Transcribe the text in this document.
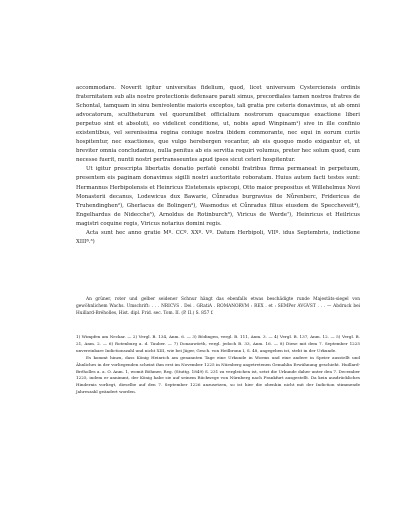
accommodare. Noverit igitur universitas fidelium, quod, licet universum Cysterciensis ordinis fraternitatem sub alis nostre protectionis defensare parati simus, precordiales tamen nostros fratres de Schontal, tamquam in sinu benivolentie maioris exceptos, tali gratia pre ceteris donavimus, ut ab omni advocatorum, scultheturum vel quorumlibet officialium nostrorum quacumque exactione liberi perpetuo sint et absoluti, eo videlicet conditione, ut, nobis apud Winpinam¹) sive in ille confinio existentibus, vel serenissima regina coniuge nostra ibidem commorante, nec equi in eorum curiis hospitentur, nec exactiones, que vulgo herebergen vocantur, ab eis quoquo modo exigantur et, ut breviter omnia concludamus, nulla penitus ab eis servitia requiri volumus, preter hec solum quod, cum necesse fuerit, nuntii nostri pertransseuntes apud ipsos sicut ceteri hospitentur.

Ut igitur prescripta libertatis donatio perfatè cenobii fratribus firma permaneat in perpetuum, presentem eis paginam donavimus sigilli nostri auctoritate roboratam. Huius autem facti testes sunt: Hermannus Herbipolensis et Heinricus Eistetensis episcopi, Otto maior prepositus et Willehelmus Novi Monasterii decanus, Lodewicus dux Bawarie, Cůnradus burgravius de Nůrenberc, Fridericus de Truhendinghen²), Gherlacus de Bolingen³), Wasmodus et Cůnradus filius eiusdem de Speccheveit⁴), Engelhardus de Nidecche⁵), Arnoldus de Rotinburch⁶), Viricus de Werde⁷), Heinricus et Heilricus magistri coquine regis, Viricus notarius domini regis.

Acta sunt hec anno gratie Mº. CCº. XXº. Vº. Datum Herbipoli, VIIº. idus Septembris, indictione XIIIª.³)

An grüner, roter und gelber seidener Schnur hängt das ebenfalls etwas beschädigte runde Majestäts-siegel von gewöhnlichem Wachs. Umschrift: . . . NRICVS . Dei . GRatiA . ROMANORVM : REX . et : SEMPer AVGVST . . . — Abdruck bei Huillard-Bréholles, Hist. dipl. Frid. sec. Tom. II. (P. II.) S. 857 f.

1) Wimpfen am Neckar. — 2) Vergl. B. 134, Anm. 6. — 3) Bödingen, vergl. B. 111, Anm. 3. — 4) Vergl. B. 137, Anm. 12. — 5) Vergl. B. 21, Anm. 2. — 6) Rotenburg a. d. Tauber. — 7) Donauwörth, vergl. jedoch B. 33, Anm. 16. — 8) Diese mit dem 7. September 1225 unvereinbare Indictionszahl und nicht XIII, wie bei Jäger, Gesch. von Heilbronn I, S. 48, angegeben ist, steht in der Urkunde.

Es kommt hinzu, dass König Heinrich am genannten Tage eine Urkunde in Worms und eine andere in Speier ausstellt und Ähnliches in der vorliegenden scheint ihm erst im November 1225 in Nürnberg angetretenen Gemahlin Erwähnung geschieht. Huillard-Bréholles a. a. O. Anm. 1, womit Böhmer, Reg. (Stuttg. 1849) S. 231 zu vergleichen ist, setzt die Urkunde daher unter den 7. December 1225, indem er annimmt, der König habe sie auf seinem Rückwege von Nürnberg nach Frankfurt ausgestellt. Da kein ausdrückliches Hindernis vorliegt, dieselbe auf den 7. September 1226 anzusetzen, so ist hier die obenhin nicht mit der Indiction stimmende Jahreszahl geändert worden.
